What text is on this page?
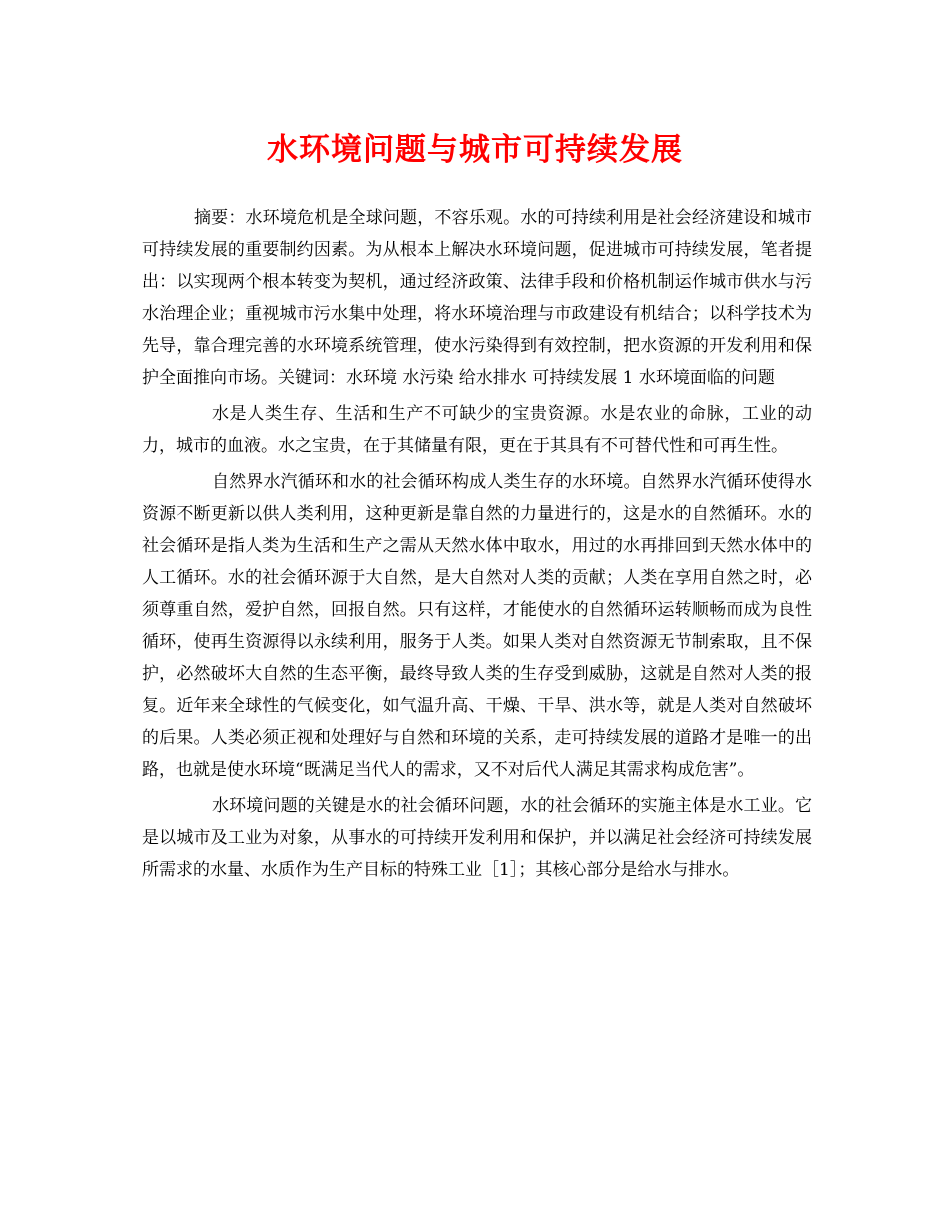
水环境问题与城市可持续发展

摘要：水环境危机是全球问题，不容乐观。水的可持续利用是社会经济建设和城市可持续发展的重要制约因素。为从根本上解决水环境问题，促进城市可持续发展，笔者提出：以实现两个根本转变为契机，通过经济政策、法律手段和价格机制运作城市供水与污水治理企业；重视城市污水集中处理，将水环境治理与市政建设有机结合；以科学技术为先导，靠合理完善的水环境系统管理，使水污染得到有效控制，把水资源的开发利用和保护全面推向市场。关键词：水环境 水污染 给水排水 可持续发展 1 水环境面临的问题

水是人类生存、生活和生产不可缺少的宝贵资源。水是农业的命脉，工业的动力，城市的血液。水之宝贵，在于其储量有限，更在于其具有不可替代性和可再生性。

自然界水汽循环和水的社会循环构成人类生存的水环境。自然界水汽循环使得水资源不断更新以供人类利用，这种更新是靠自然的力量进行的，这是水的自然循环。水的社会循环是指人类为生活和生产之需从天然水体中取水，用过的水再排回到天然水体中的人工循环。水的社会循环源于大自然，是大自然对人类的贡献；人类在享用自然之时，必须尊重自然，爱护自然，回报自然。只有这样，才能使水的自然循环运转顺畅而成为良性循环，使再生资源得以永续利用，服务于人类。如果人类对自然资源无节制索取，且不保护，必然破坏大自然的生态平衡，最终导致人类的生存受到威胁，这就是自然对人类的报复。近年来全球性的气候变化，如气温升高、干燥、干旱、洪水等，就是人类对自然破坏的后果。人类必须正视和处理好与自然和环境的关系，走可持续发展的道路才是唯一的出路，也就是使水环境“既满足当代人的需求，又不对后代人满足其需求构成危害”。

水环境问题的关键是水的社会循环问题，水的社会循环的实施主体是水工业。它是以城市及工业为对象，从事水的可持续开发利用和保护，并以满足社会经济可持续发展所需求的水量、水质作为生产目标的特殊工业［1］；其核心部分是给水与排水。
